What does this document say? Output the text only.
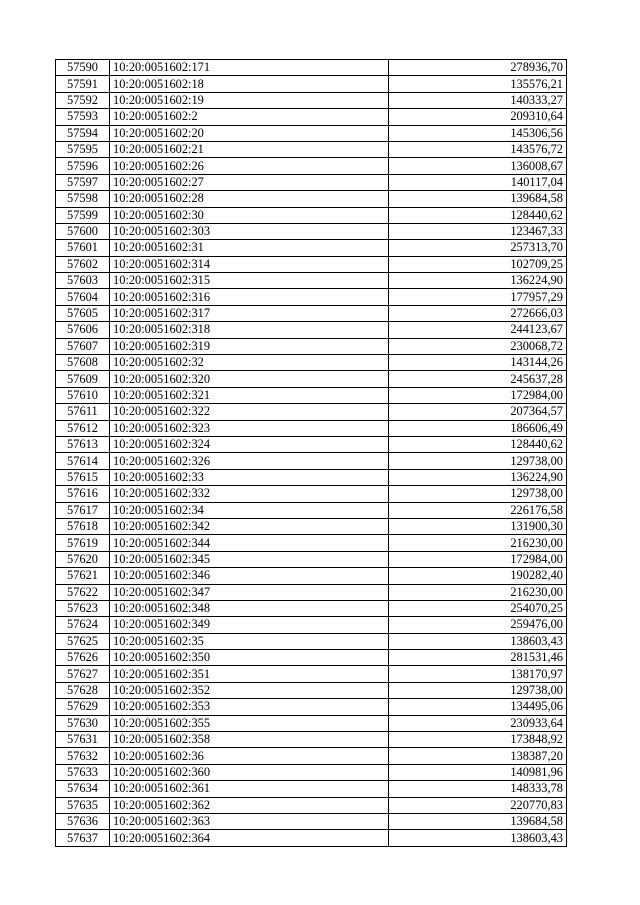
57590	10:20:0051602:171	278936,70
57591	10:20:0051602:18	135576,21
57592	10:20:0051602:19	140333,27
57593	10:20:0051602:2	209310,64
57594	10:20:0051602:20	145306,56
57595	10:20:0051602:21	143576,72
57596	10:20:0051602:26	136008,67
57597	10:20:0051602:27	140117,04
57598	10:20:0051602:28	139684,58
57599	10:20:0051602:30	128440,62
57600	10:20:0051602:303	123467,33
57601	10:20:0051602:31	257313,70
57602	10:20:0051602:314	102709,25
57603	10:20:0051602:315	136224,90
57604	10:20:0051602:316	177957,29
57605	10:20:0051602:317	272666,03
57606	10:20:0051602:318	244123,67
57607	10:20:0051602:319	230068,72
57608	10:20:0051602:32	143144,26
57609	10:20:0051602:320	245637,28
57610	10:20:0051602:321	172984,00
57611	10:20:0051602:322	207364,57
57612	10:20:0051602:323	186606,49
57613	10:20:0051602:324	128440,62
57614	10:20:0051602:326	129738,00
57615	10:20:0051602:33	136224,90
57616	10:20:0051602:332	129738,00
57617	10:20:0051602:34	226176,58
57618	10:20:0051602:342	131900,30
57619	10:20:0051602:344	216230,00
57620	10:20:0051602:345	172984,00
57621	10:20:0051602:346	190282,40
57622	10:20:0051602:347	216230,00
57623	10:20:0051602:348	254070,25
57624	10:20:0051602:349	259476,00
57625	10:20:0051602:35	138603,43
57626	10:20:0051602:350	281531,46
57627	10:20:0051602:351	138170,97
57628	10:20:0051602:352	129738,00
57629	10:20:0051602:353	134495,06
57630	10:20:0051602:355	230933,64
57631	10:20:0051602:358	173848,92
57632	10:20:0051602:36	138387,20
57633	10:20:0051602:360	140981,96
57634	10:20:0051602:361	148333,78
57635	10:20:0051602:362	220770,83
57636	10:20:0051602:363	139684,58
57637	10:20:0051602:364	138603,43
